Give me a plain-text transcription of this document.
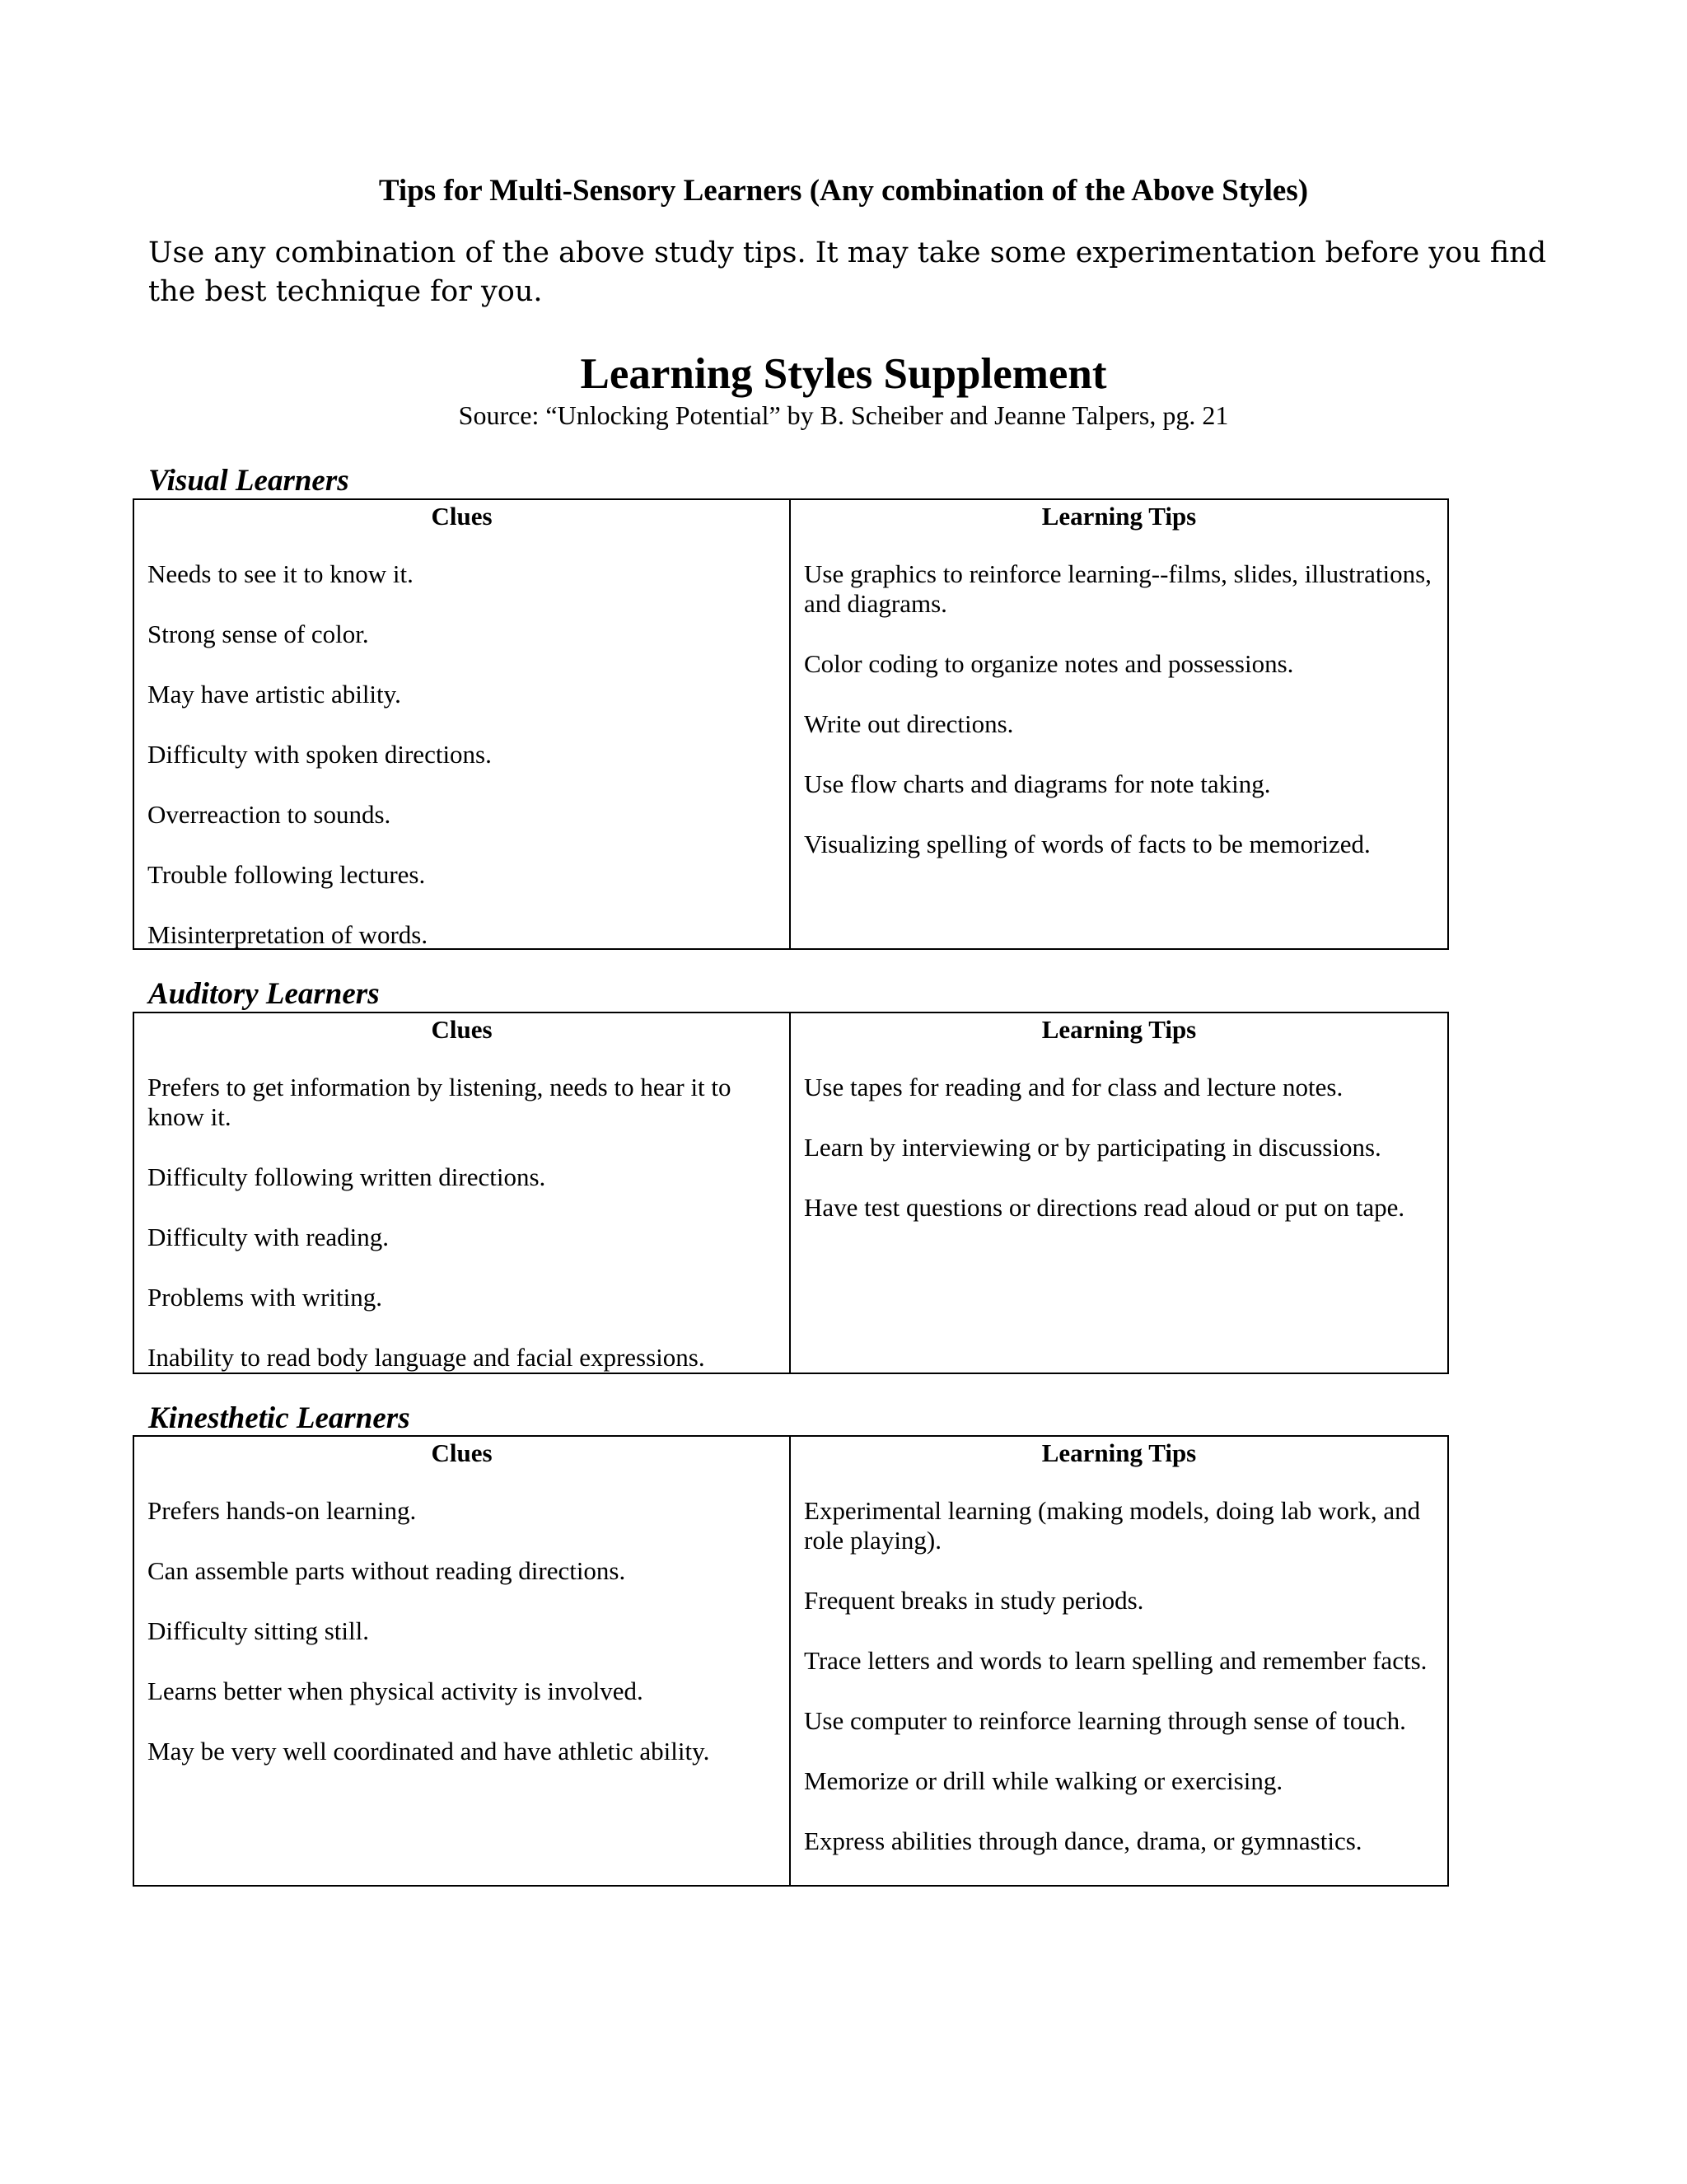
Tips for Multi-Sensory Learners (Any combination of the Above Styles)
Use any combination of the above study tips. It may take some experimentation before you find the best technique for you.
Learning Styles Supplement
Source: “Unlocking Potential” by B. Scheiber and Jeanne Talpers, pg. 21
Visual Learners
Clues
Needs to see it to know it.
Strong sense of color.
May have artistic ability.
Difficulty with spoken directions.
Overreaction to sounds.
Trouble following lectures.
Misinterpretation of words.
Learning Tips
Use graphics to reinforce learning--films, slides, illustrations, and diagrams.
Color coding to organize notes and possessions.
Write out directions.
Use flow charts and diagrams for note taking.
Visualizing spelling of words of facts to be memorized.
Auditory Learners
Clues
Prefers to get information by listening, needs to hear it to know it.
Difficulty following written directions.
Difficulty with reading.
Problems with writing.
Inability to read body language and facial expressions.
Learning Tips
Use tapes for reading and for class and lecture notes.
Learn by interviewing or by participating in discussions.
Have test questions or directions read aloud or put on tape.
Kinesthetic Learners
Clues
Prefers hands-on learning.
Can assemble parts without reading directions.
Difficulty sitting still.
Learns better when physical activity is involved.
May be very well coordinated and have athletic ability.
Learning Tips
Experimental learning (making models, doing lab work, and role playing).
Frequent breaks in study periods.
Trace letters and words to learn spelling and remember facts.
Use computer to reinforce learning through sense of touch.
Memorize or drill while walking or exercising.
Express abilities through dance, drama, or gymnastics.
